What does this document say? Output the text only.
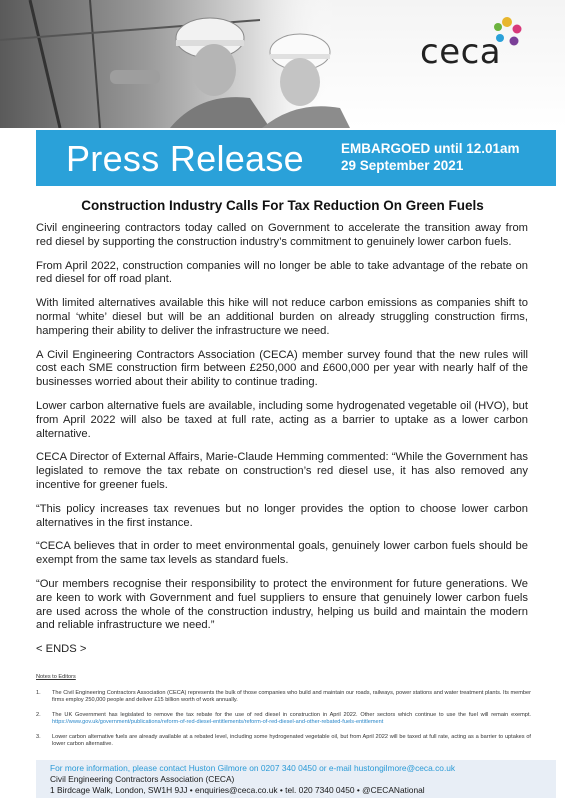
ceca
Press Release	EMBARGOED until 12.01am
29 September 2021
Construction Industry Calls For Tax Reduction On Green Fuels

Civil engineering contractors today called on Government to accelerate the transition away from red diesel by supporting the construction industry’s commitment to genuinely lower carbon fuels.

From April 2022, construction companies will no longer be able to take advantage of the rebate on red diesel for off road plant.

With limited alternatives available this hike will not reduce carbon emissions as companies shift to normal ‘white’ diesel but will be an additional burden on already struggling construction firms, hampering their ability to deliver the infrastructure we need.

A Civil Engineering Contractors Association (CECA) member survey found that the new rules will cost each SME construction firm between £250,000 and £600,000 per year with nearly half of the businesses worried about their ability to continue trading.

Lower carbon alternative fuels are available, including some hydrogenated vegetable oil (HVO), but from April 2022 will also be taxed at full rate, acting as a barrier to uptake as a lower carbon alternative.

CECA Director of External Affairs, Marie-Claude Hemming commented: “While the Government has legislated to remove the tax rebate on construction’s red diesel use, it has also removed any incentive for greener fuels.

“This policy increases tax revenues but no longer provides the option to choose lower carbon alternatives in the first instance.

“CECA believes that in order to meet environmental goals, genuinely lower carbon fuels should be exempt from the same tax levels as standard fuels.

“Our members recognise their responsibility to protect the environment for future generations. We are keen to work with Government and fuel suppliers to ensure that genuinely lower carbon fuels are used across the whole of the construction industry, helping us build and maintain the modern and reliable infrastructure we need.”

< ENDS >

Notes to Editors
1. The Civil Engineering Contractors Association (CECA) represents the bulk of those companies who build and maintain our roads, railways, power stations and water treatment plants. Its member firms employ 250,000 people and deliver £15 billion worth of work annually.
2. The UK Government has legislated to remove the tax rebate for the use of red diesel in construction in April 2022. Other sectors which continue to use the fuel will remain exempt. https://www.gov.uk/government/publications/reform-of-red-diesel-entitlements/reform-of-red-diesel-and-other-rebated-fuels-entitlement
3. Lower carbon alternative fuels are already available at a rebated level, including some hydrogenated vegetable oil, but from April 2022 will be taxed at full rate, acting as a barrier to uptakes of lower carbon alternative.
For more information, please contact Huston Gilmore on 0207 340 0450 or e-mail hustongilmore@ceca.co.uk
Civil Engineering Contractors Association (CECA)
1 Birdcage Walk, London, SW1H 9JJ • enquiries@ceca.co.uk • tel. 020 7340 0450 • @CECANational
